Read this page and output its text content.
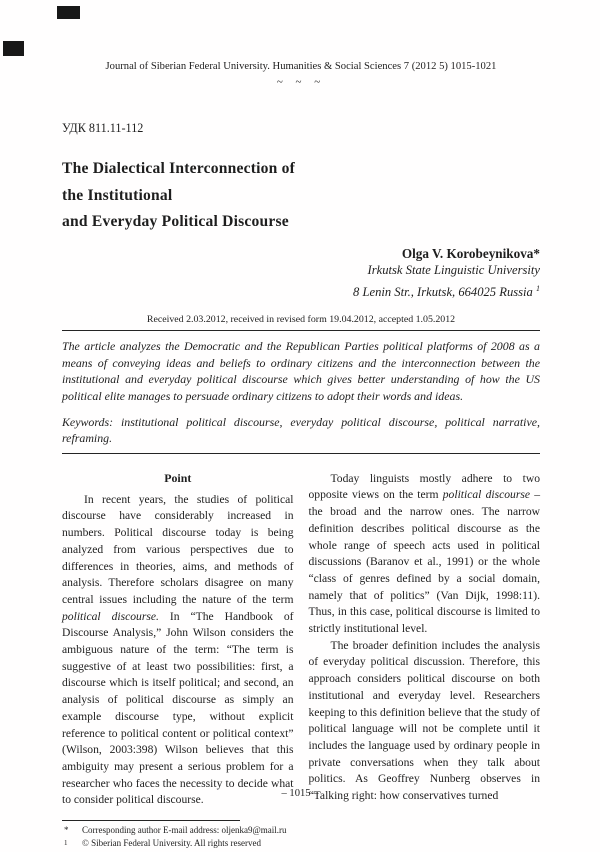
Journal of Siberian Federal University. Humanities & Social Sciences 7 (2012 5) 1015-1021
~ ~ ~
УДК 811.11-112
The Dialectical Interconnection of
the Institutional
and Everyday Political Discourse
Olga V. Korobeynikova*
Irkutsk State Linguistic University
8 Lenin Str., Irkutsk, 664025 Russia $^1$
Received 2.03.2012, received in revised form 19.04.2012, accepted 1.05.2012

The article analyzes the Democratic and the Republican Parties political platforms of 2008 as a means of conveying ideas and beliefs to ordinary citizens and the interconnection between the institutional and everyday political discourse which gives better understanding of how the US political elite manages to persuade ordinary citizens to adopt their words and ideas.

Keywords: institutional political discourse, everyday political discourse, political narrative, reframing.

Point

In recent years, the studies of political discourse have considerably increased in numbers. Political discourse today is being analyzed from various perspectives due to differences in theories, aims, and methods of analysis. Therefore scholars disagree on many central issues including the nature of the term political discourse. In “The Handbook of Discourse Analysis,” John Wilson considers the ambiguous nature of the term: “The term is suggestive of at least two possibilities: first, a discourse which is itself political; and second, an analysis of political discourse as simply an example discourse type, without explicit reference to political content or political context” (Wilson, 2003:398) Wilson believes that this ambiguity may present a serious problem for a researcher who faces the necessity to decide what to consider political discourse.

*	Corresponding author E-mail address: oljenka9@mail.ru
1	© Siberian Federal University. All rights reserved

Today linguists mostly adhere to two opposite views on the term political discourse – the broad and the narrow ones. The narrow definition describes political discourse as the whole range of speech acts used in political discussions (Baranov et al., 1991) or the whole “class of genres defined by a social domain, namely that of politics” (Van Dijk, 1998:11). Thus, in this case, political discourse is limited to strictly institutional level.

The broader definition includes the analysis of everyday political discussion. Therefore, this approach considers political discourse on both institutional and everyday level. Researchers keeping to this definition believe that the study of political language will not be complete until it includes the language used by ordinary people in private conversations when they talk about politics. As Geoffrey Nunberg observes in “Talking right: how conservatives turned

– 1015 –
